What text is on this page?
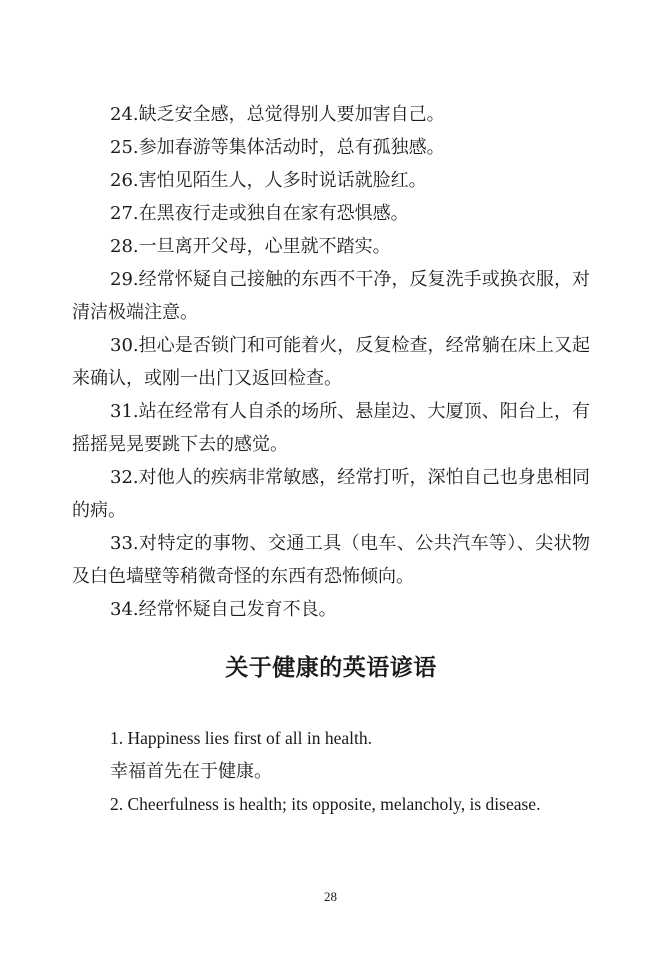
24.缺乏安全感，总觉得别人要加害自己。

25.参加春游等集体活动时，总有孤独感。

26.害怕见陌生人，人多时说话就脸红。

27.在黑夜行走或独自在家有恐惧感。

28.一旦离开父母，心里就不踏实。

29.经常怀疑自己接触的东西不干净，反复洗手或换衣服，对清洁极端注意。

30.担心是否锁门和可能着火，反复检查，经常躺在床上又起来确认，或刚一出门又返回检查。

31.站在经常有人自杀的场所、悬崖边、大厦顶、阳台上，有摇摇晃晃要跳下去的感觉。

32.对他人的疾病非常敏感，经常打听，深怕自己也身患相同的病。

33.对特定的事物、交通工具（电车、公共汽车等）、尖状物及白色墙壁等稍微奇怪的东西有恐怖倾向。

34.经常怀疑自己发育不良。

关于健康的英语谚语

1. Happiness lies first of all in health.

幸福首先在于健康。

2. Cheerfulness is health; its opposite, melancholy, is disease.

28
